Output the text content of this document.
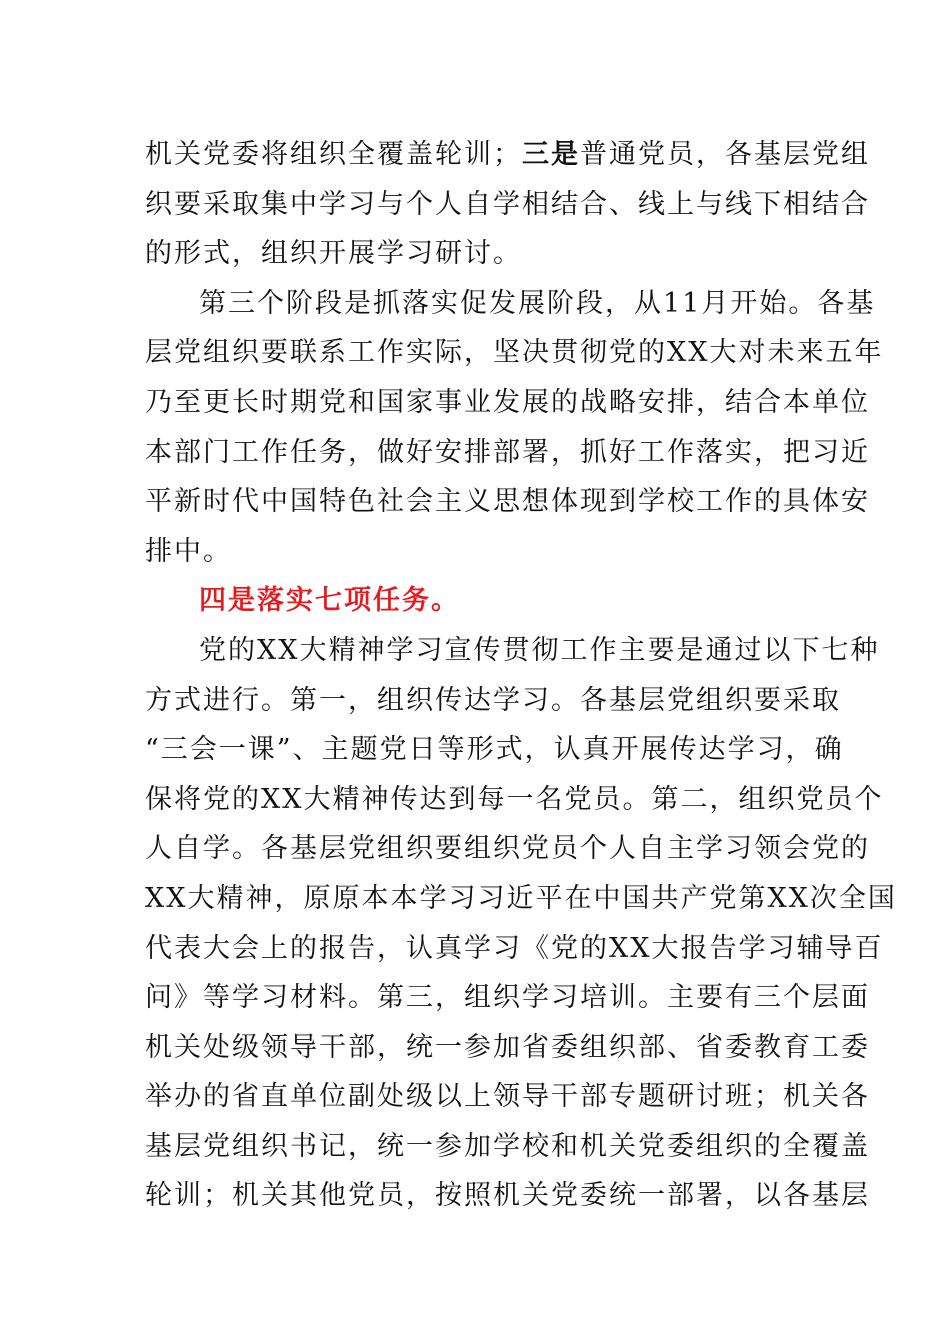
机关党委将组织全覆盖轮训；三是普通党员，各基层党组
织要采取集中学习与个人自学相结合、线上与线下相结合
的形式，组织开展学习研讨。
第三个阶段是抓落实促发展阶段，从11月开始。各基
层党组织要联系工作实际，坚决贯彻党的XX大对未来五年
乃至更长时期党和国家事业发展的战略安排，结合本单位
本部门工作任务，做好安排部署，抓好工作落实，把习近
平新时代中国特色社会主义思想体现到学校工作的具体安
排中。
四是落实七项任务。
党的XX大精神学习宣传贯彻工作主要是通过以下七种
方式进行。第一，组织传达学习。各基层党组织要采取
“三会一课”、主题党日等形式，认真开展传达学习，确
保将党的XX大精神传达到每一名党员。第二，组织党员个
人自学。各基层党组织要组织党员个人自主学习领会党的
XX大精神，原原本本学习习近平在中国共产党第XX次全国
代表大会上的报告，认真学习《党的XX大报告学习辅导百
问》等学习材料。第三，组织学习培训。主要有三个层面
机关处级领导干部，统一参加省委组织部、省委教育工委
举办的省直单位副处级以上领导干部专题研讨班；机关各
基层党组织书记，统一参加学校和机关党委组织的全覆盖
轮训；机关其他党员，按照机关党委统一部署，以各基层
